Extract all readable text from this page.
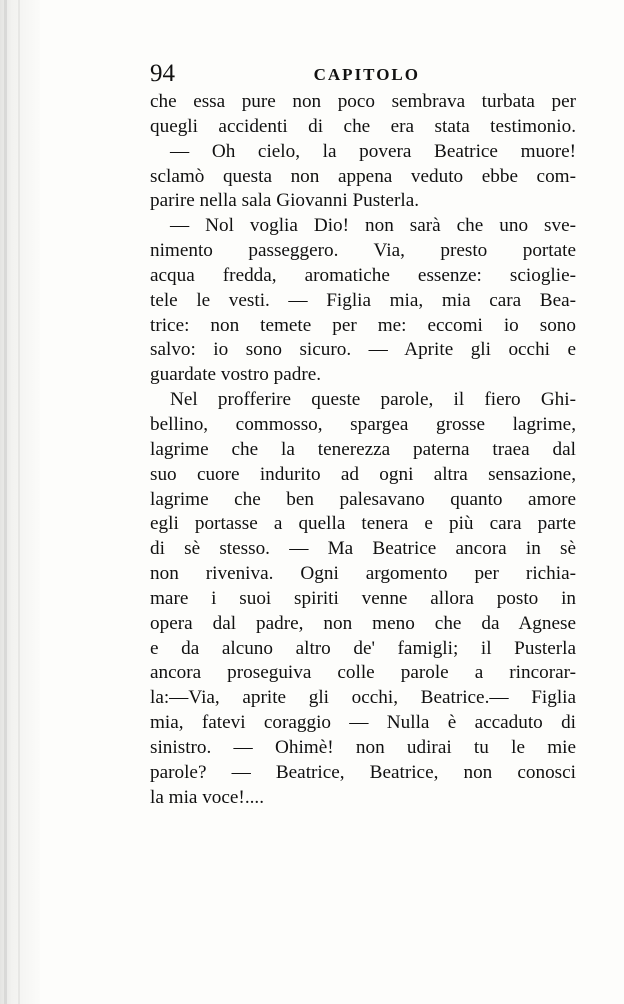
94	CAPITOLO
che essa pure non poco sembrava turbata per
quegli accidenti di che era stata testimonio.
— Oh cielo, la povera Beatrice muore!
sclamò questa non appena veduto ebbe com-
parire nella sala Giovanni Pusterla.
— Nol voglia Dio! non sarà che uno sve-
nimento passeggero. Via, presto portate
acqua fredda, aromatiche essenze: scioglie-
tele le vesti. — Figlia mia, mia cara Bea-
trice: non temete per me: eccomi io sono
salvo: io sono sicuro. — Aprite gli occhi e
guardate vostro padre.
Nel profferire queste parole, il fiero Ghi-
bellino, commosso, spargea grosse lagrime,
lagrime che la tenerezza paterna traea dal
suo cuore indurito ad ogni altra sensazione,
lagrime che ben palesavano quanto amore
egli portasse a quella tenera e più cara parte
di sè stesso. — Ma Beatrice ancora in sè
non riveniva. Ogni argomento per richia-
mare i suoi spiriti venne allora posto in
opera dal padre, non meno che da Agnese
e da alcuno altro de' famigli; il Pusterla
ancora proseguiva colle parole a rincorar-
la:—Via, aprite gli occhi, Beatrice.— Figlia
mia, fatevi coraggio — Nulla è accaduto di
sinistro. — Ohimè! non udirai tu le mie
parole? — Beatrice, Beatrice, non conosci
la mia voce!....
